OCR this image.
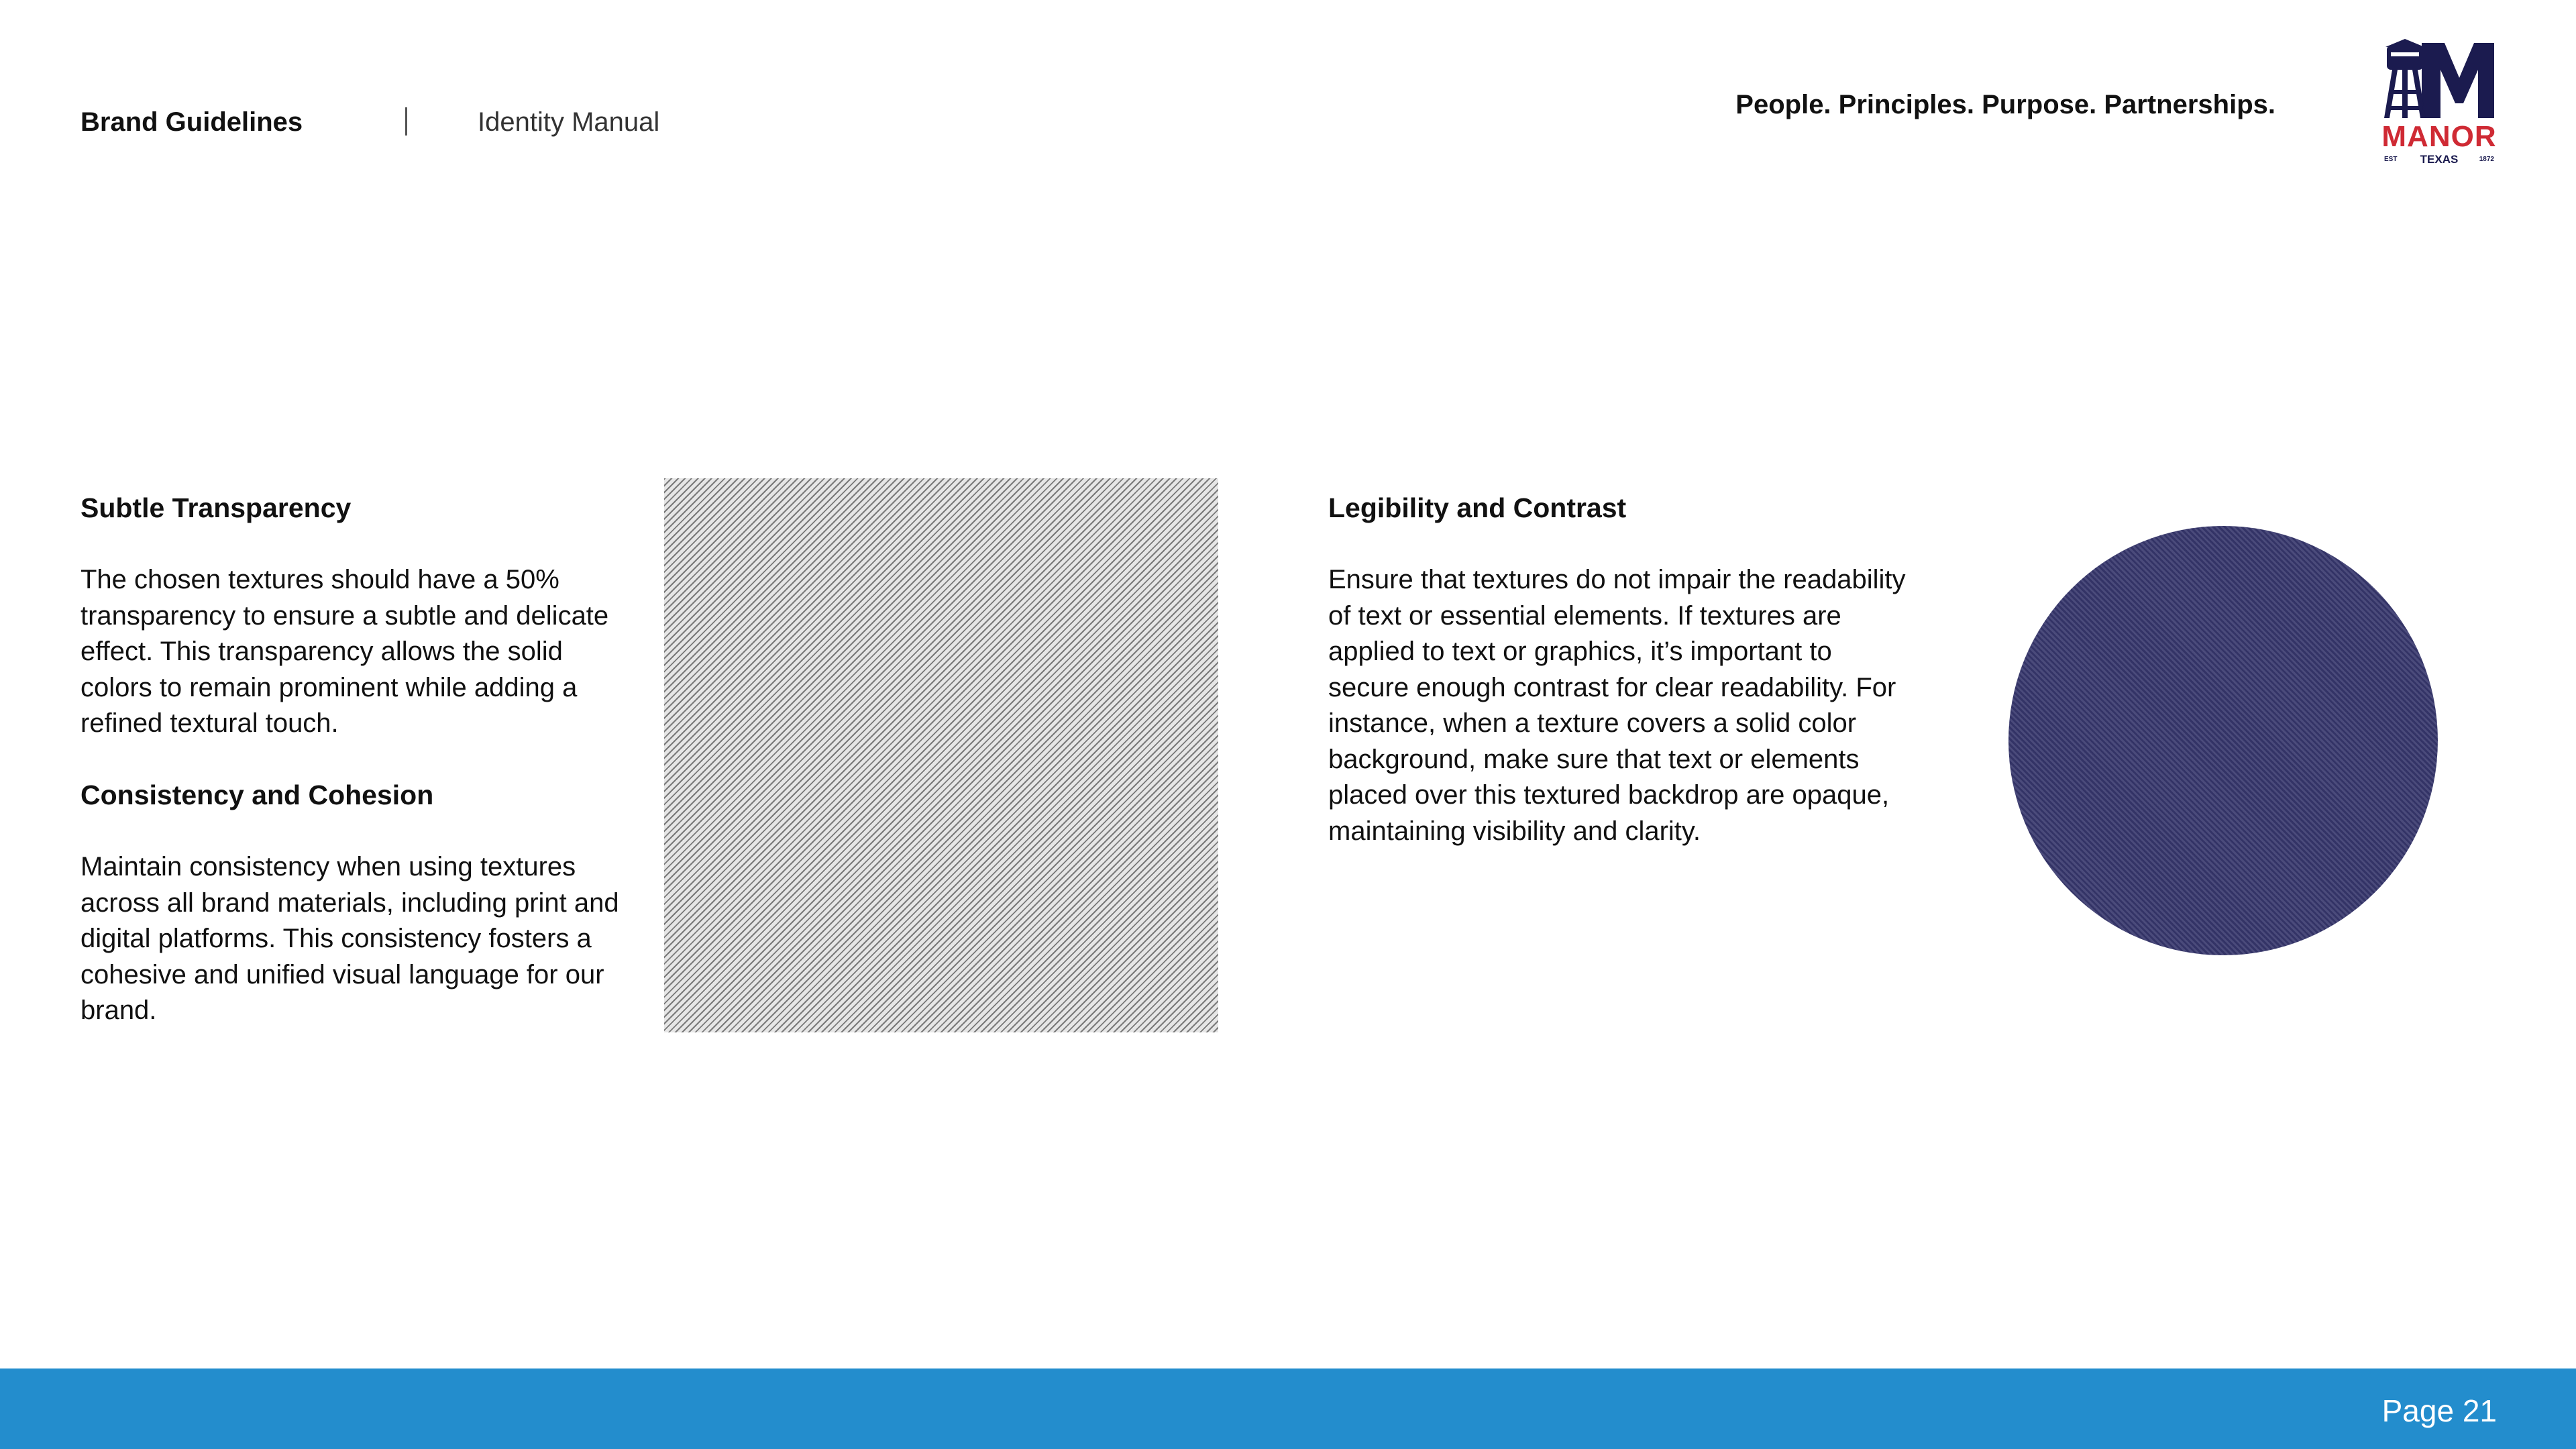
Brand Guidelines	Identity Manual
People. Principles. Purpose. Partnerships.
MANOR
EST	TEXAS	1872
Subtle Transparency

The chosen textures should have a 50% transparency to ensure a subtle and delicate effect. This transparency allows the solid colors to remain prominent while adding a refined textural touch.

Consistency and Cohesion

Maintain consistency when using textures across all brand materials, including print and digital platforms. This consistency fosters a cohesive and unified visual language for our brand.

Legibility and Contrast

Ensure that textures do not impair the readability of text or essential elements. If textures are applied to text or graphics, it’s important to secure enough contrast for clear readability. For instance, when a texture covers a solid color background, make sure that text or elements placed over this textured backdrop are opaque, maintaining visibility and clarity.

Page 21
